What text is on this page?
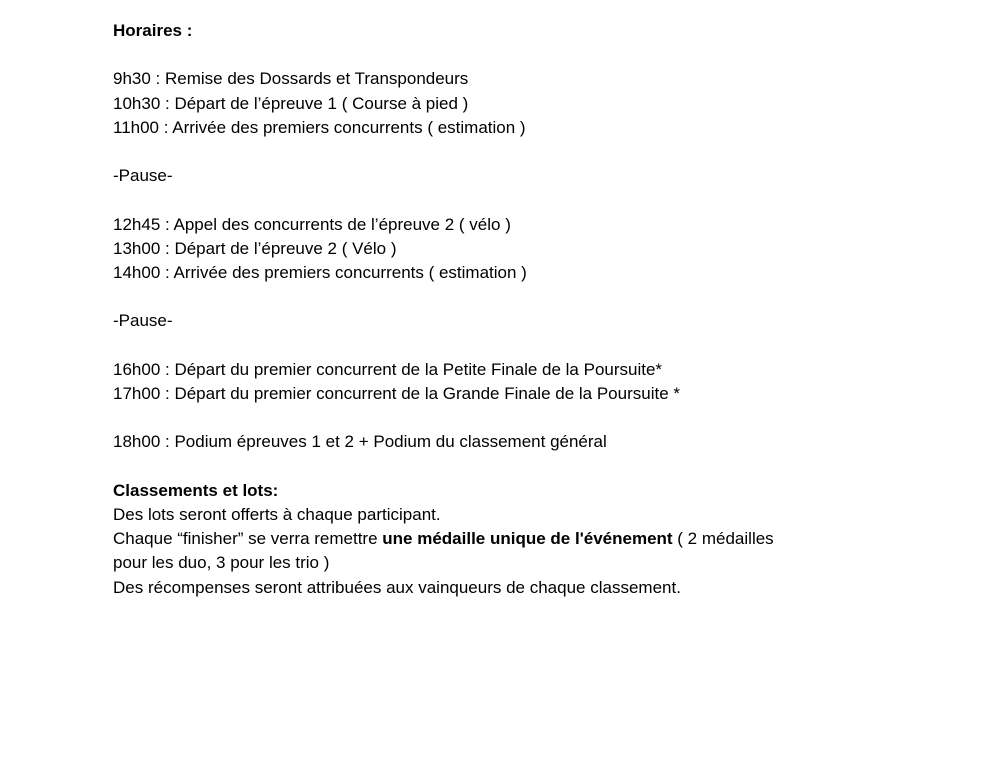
Horaires :
9h30 : Remise des Dossards et Transpondeurs
10h30 : Départ de l’épreuve 1 ( Course à pied )
11h00 : Arrivée des premiers concurrents ( estimation )
-Pause-
12h45 : Appel des concurrents de l’épreuve 2 ( vélo )
13h00 : Départ de l’épreuve 2 ( Vélo )
14h00 : Arrivée des premiers concurrents ( estimation )
-Pause-
16h00 : Départ du premier concurrent de la Petite Finale de la Poursuite*
17h00 : Départ du premier concurrent de la Grande Finale de la Poursuite *
18h00 : Podium épreuves 1 et 2 + Podium du classement général
Classements et lots:
Des lots seront offerts à chaque participant.
Chaque “finisher” se verra remettre une médaille unique de l'événement ( 2 médailles
pour les duo, 3 pour les trio )
Des récompenses seront attribuées aux vainqueurs de chaque classement.
